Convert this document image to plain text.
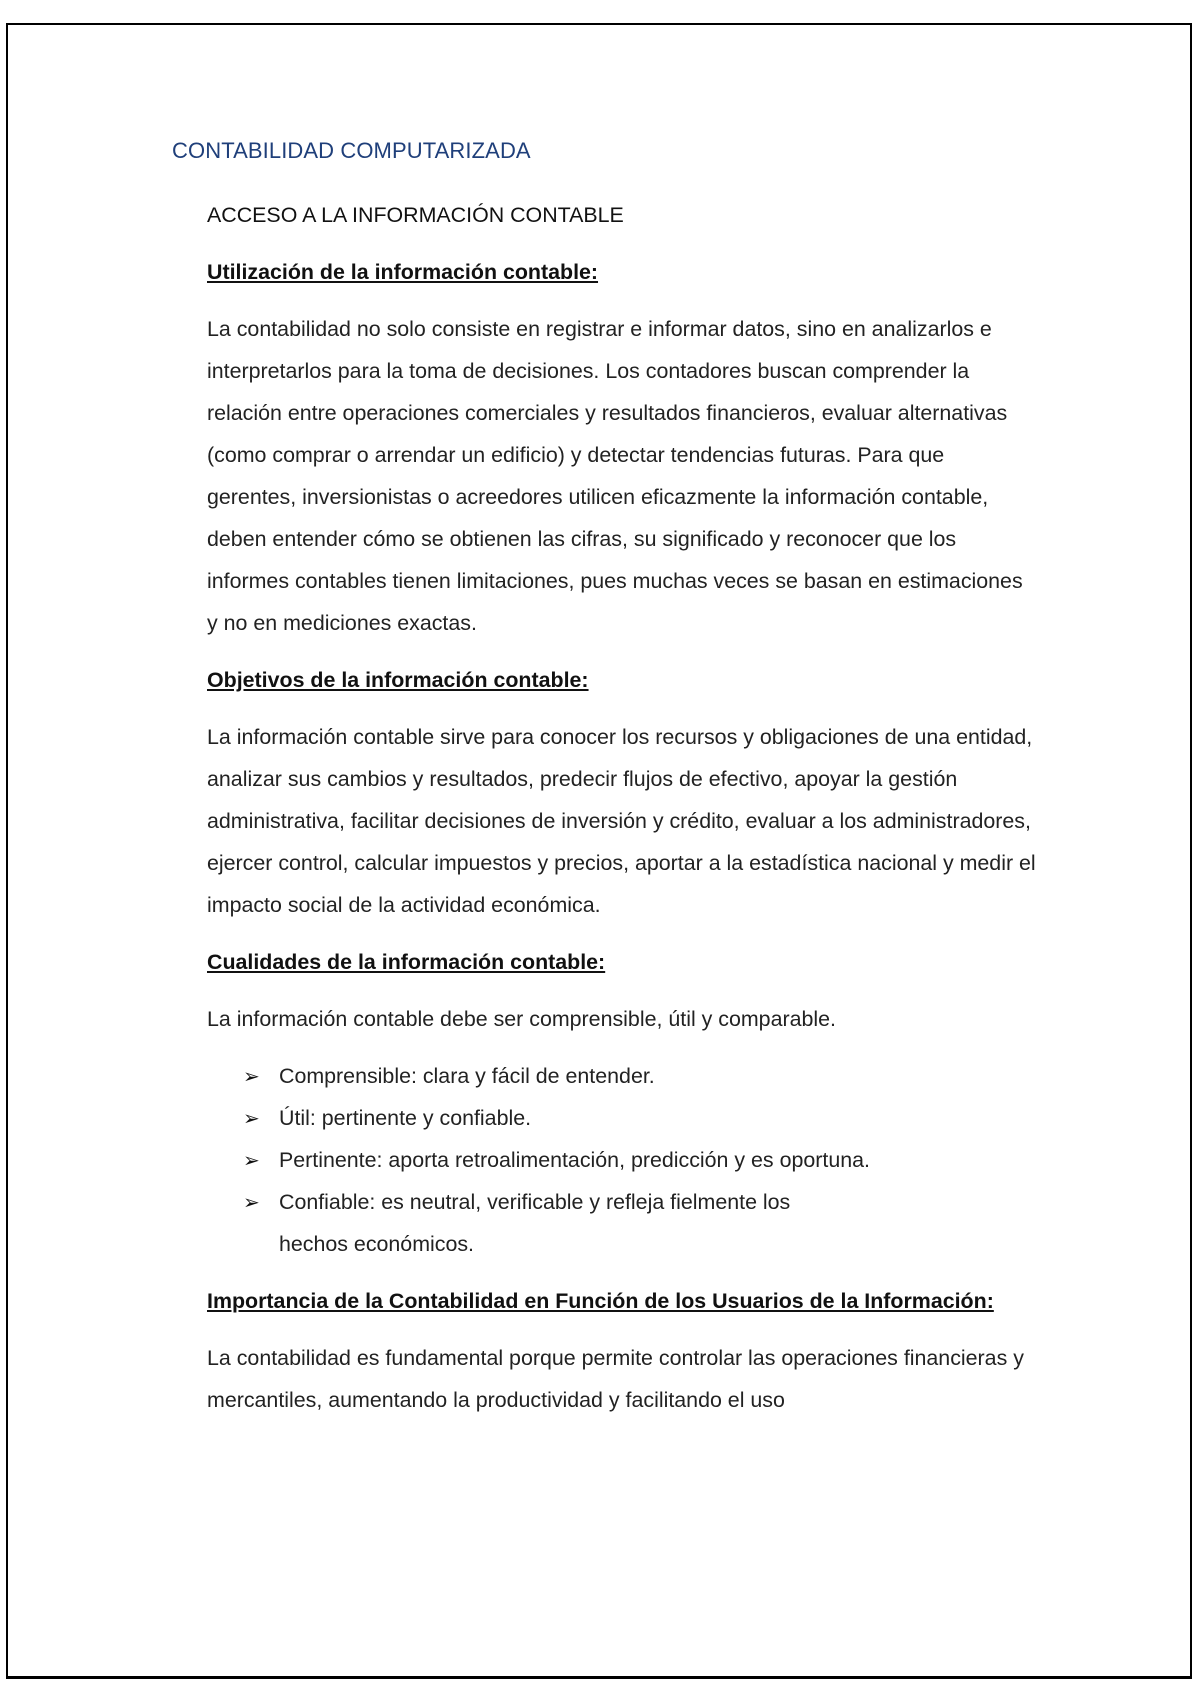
CONTABILIDAD COMPUTARIZADA
ACCESO A LA INFORMACIÓN CONTABLE
Utilización de la información contable:

La contabilidad no solo consiste en registrar e informar datos, sino en analizarlos e interpretarlos para la toma de decisiones. Los contadores buscan comprender la relación entre operaciones comerciales y resultados financieros, evaluar alternativas (como comprar o arrendar un edificio) y detectar tendencias futuras. Para que gerentes, inversionistas o acreedores utilicen eficazmente la información contable, deben entender cómo se obtienen las cifras, su significado y reconocer que los informes contables tienen limitaciones, pues muchas veces se basan en estimaciones y no en mediciones exactas.

Objetivos de la información contable:

La información contable sirve para conocer los recursos y obligaciones de una entidad, analizar sus cambios y resultados, predecir flujos de efectivo, apoyar la gestión administrativa, facilitar decisiones de inversión y crédito, evaluar a los administradores, ejercer control, calcular impuestos y precios, aportar a la estadística nacional y medir el impacto social de la actividad económica.

Cualidades de la información contable:

La información contable debe ser comprensible, útil y comparable.

➢ Comprensible: clara y fácil de entender.
➢ Útil: pertinente y confiable.
➢ Pertinente: aporta retroalimentación, predicción y es oportuna.
➢ Confiable: es neutral, verificable y refleja fielmente los hechos económicos.
Importancia de la Contabilidad en Función de los Usuarios de la Información:

La contabilidad es fundamental porque permite controlar las operaciones financieras y mercantiles, aumentando la productividad y facilitando el uso
